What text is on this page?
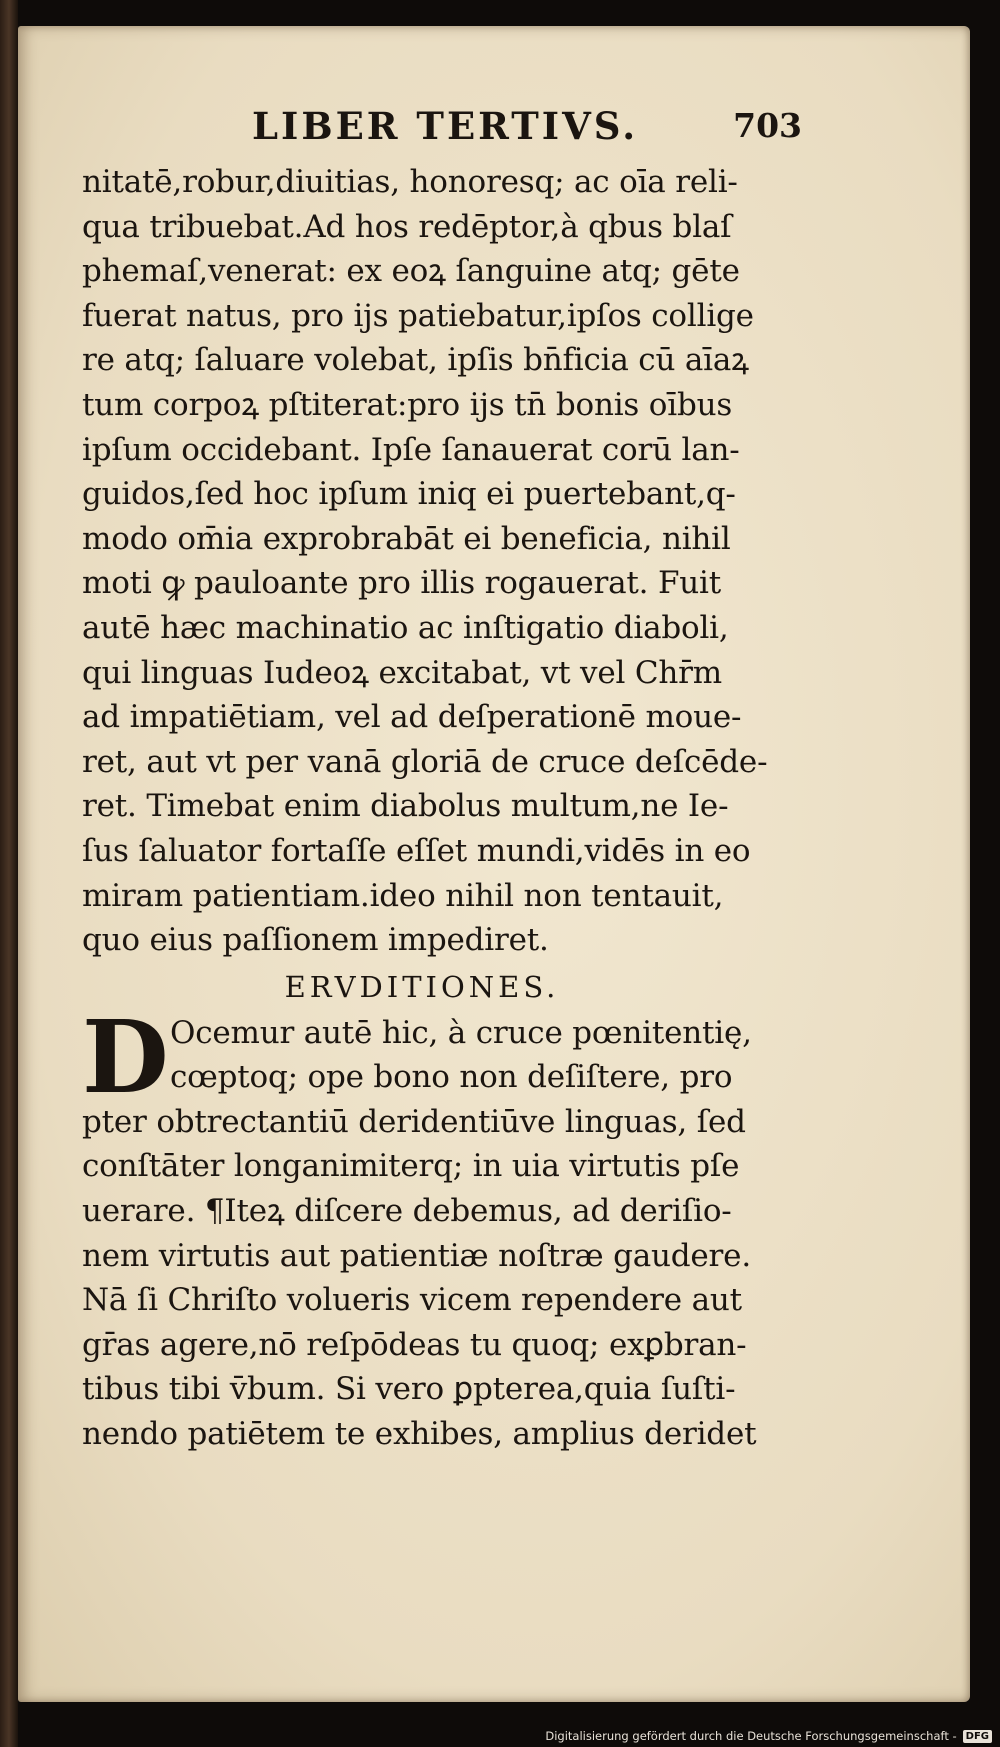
LIBER TERTIVS.	703
nitatē,robur,diuitias, honoresq; ac oīa reli-
qua tribuebat.Ad hos redēptor,à qbus blaſ
phemaſ,venerat: ex eoꝝ ſanguine atq; gēte
fuerat natus, pro ijs patiebatur,ipſos collige
re atq; ſaluare volebat, ipſis bn̄ficia cū aīaꝝ
tum corpoꝝ pſtiterat:pro ijs tn̄ bonis oībus
ipſum occidebant. Ipſe ſanauerat corū lan-
guidos,ſed hoc ipſum iniq ei puertebant,q-
modo om̄ia exprobrabāt ei beneficia, nihil
moti ꝙ pauloante pro illis rogauerat. Fuit
autē hæc machinatio ac inſtigatio diaboli,
qui linguas Iudeoꝝ excitabat, vt vel Chr̄m
ad impatiētiam, vel ad deſperationē moue-
ret, aut vt per vanā gloriā de cruce deſcēde-
ret. Timebat enim diabolus multum,ne Ie-
ſus ſaluator fortaſſe eſſet mundi,vidēs in eo
miram patientiam.ideo nihil non tentauit,
quo eius paſſionem impediret.
ERVDITIONES.
D Ocemur autē hic, à cruce pœnitentię,
cœptoq; ope bono non deſiſtere, pro
pter obtrectantiū deridentiūve linguas, ſed
conſtāter longanimiterq; in uia virtutis pſe
uerare. ¶Iteꝝ diſcere debemus, ad deriſio-
nem virtutis aut patientiæ noſtræ gaudere.
Nā ſi Chriſto volueris vicem rependere aut
gr̄as agere,nō reſpōdeas tu quoq; exꝑbran-
tibus tibi v̄bum. Si vero ꝑpterea,quia ſuſti-
nendo patiētem te exhibes, amplius deridet
Digitalisierung gefördert durch die Deutsche Forschungsgemeinschaft - DFG
